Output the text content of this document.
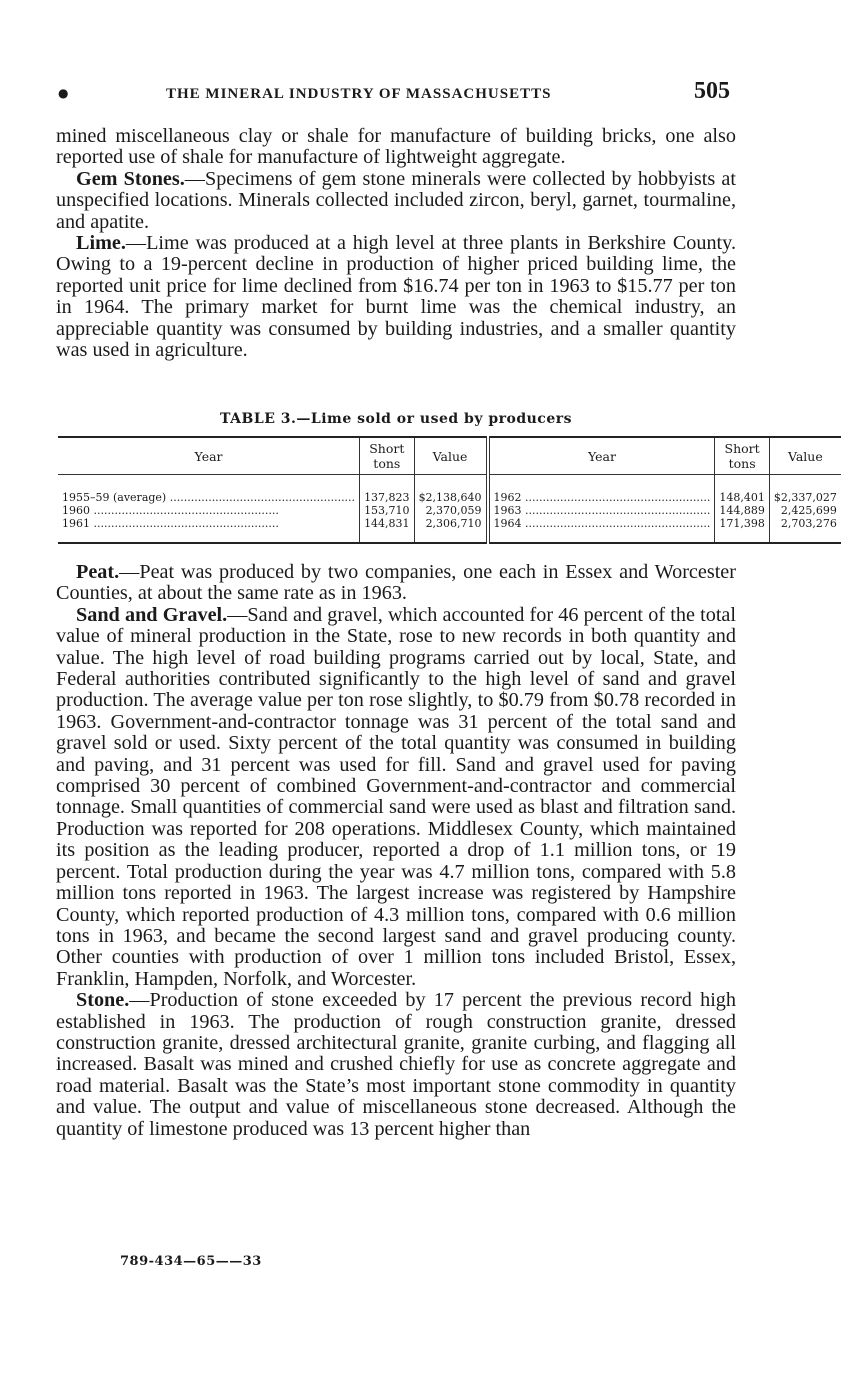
●	THE MINERAL INDUSTRY OF MASSACHUSETTS	505

mined miscellaneous clay or shale for manufacture of building bricks, one also reported use of shale for manufacture of lightweight aggregate.

Gem Stones.—Specimens of gem stone minerals were collected by hobbyists at unspecified locations. Minerals collected included zircon, beryl, garnet, tourmaline, and apatite.

Lime.—Lime was produced at a high level at three plants in Berkshire County. Owing to a 19-percent decline in production of higher priced building lime, the reported unit price for lime declined from $16.74 per ton in 1963 to $15.77 per ton in 1964. The primary market for burnt lime was the chemical industry, an appreciable quantity was consumed by building industries, and a smaller quantity was used in agriculture.

TABLE 3.—Lime sold or used by producers
Year	Short tons	Value	Year	Short tons	Value
1955–59 (average) .....	137,823	$2,138,640	1962 .....	148,401	$2,337,027
1960 .....	153,710	2,370,059	1963 .....	144,889	2,425,699
1961 .....	144,831	2,306,710	1964 .....	171,398	2,703,276

Peat.—Peat was produced by two companies, one each in Essex and Worcester Counties, at about the same rate as in 1963.

Sand and Gravel.—Sand and gravel, which accounted for 46 percent of the total value of mineral production in the State, rose to new records in both quantity and value. The high level of road building programs carried out by local, State, and Federal authorities contributed significantly to the high level of sand and gravel production. The average value per ton rose slightly, to $0.79 from $0.78 recorded in 1963. Government-and-contractor tonnage was 31 percent of the total sand and gravel sold or used. Sixty percent of the total quantity was consumed in building and paving, and 31 percent was used for fill. Sand and gravel used for paving comprised 30 percent of combined Government-and-contractor and commercial tonnage. Small quantities of commercial sand were used as blast and filtration sand. Production was reported for 208 operations. Middlesex County, which maintained its position as the leading producer, reported a drop of 1.1 million tons, or 19 percent. Total production during the year was 4.7 million tons, compared with 5.8 million tons reported in 1963. The largest increase was registered by Hampshire County, which reported production of 4.3 million tons, compared with 0.6 million tons in 1963, and became the second largest sand and gravel producing county. Other counties with production of over 1 million tons included Bristol, Essex, Franklin, Hampden, Norfolk, and Worcester.

Stone.—Production of stone exceeded by 17 percent the previous record high established in 1963. The production of rough construction granite, dressed construction granite, dressed architectural granite, granite curbing, and flagging all increased. Basalt was mined and crushed chiefly for use as concrete aggregate and road material. Basalt was the State’s most important stone commodity in quantity and value. The output and value of miscellaneous stone decreased. Although the quantity of limestone produced was 13 percent higher than

789-434—65——33
